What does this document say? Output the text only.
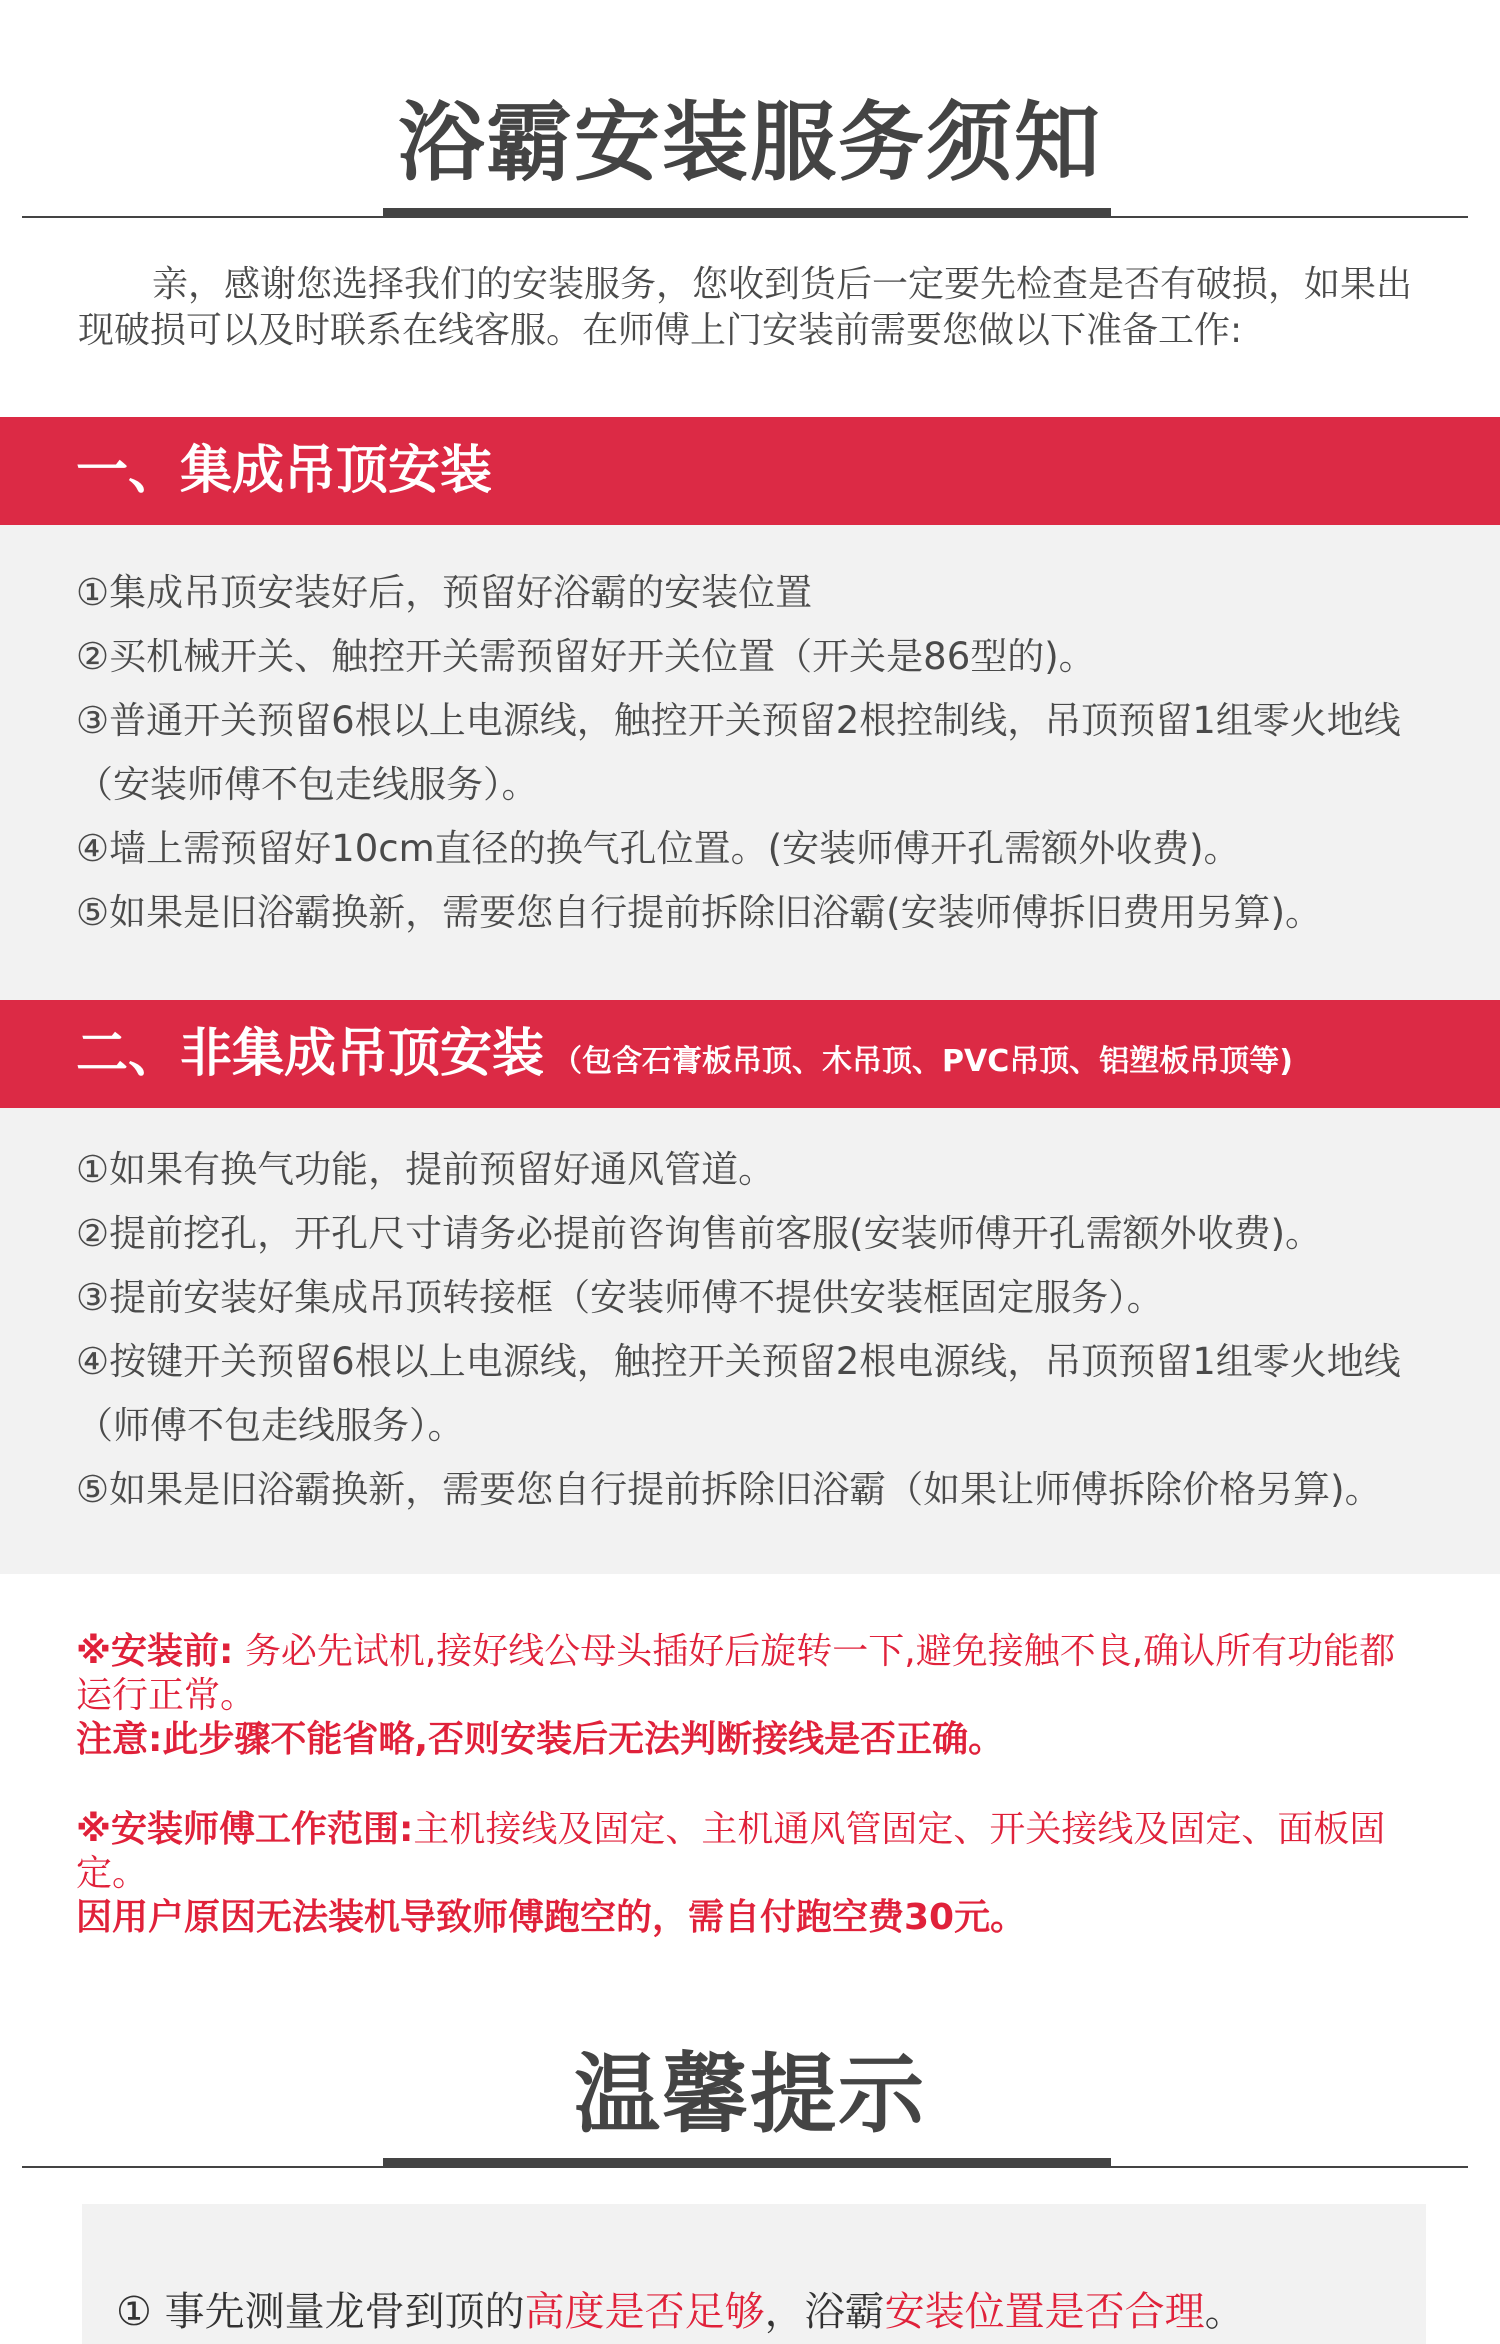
浴霸安装服务须知
亲，感谢您选择我们的安装服务，您收到货后一定要先检查是否有破损，如果出现破损可以及时联系在线客服。在师傅上门安装前需要您做以下准备工作:
一、集成吊顶安装
①集成吊顶安装好后，预留好浴霸的安装位置
②买机械开关、触控开关需预留好开关位置（开关是86型的)。
③普通开关预留6根以上电源线，触控开关预留2根控制线，吊顶预留1组零火地线（安装师傅不包走线服务）。
④墙上需预留好10cm直径的换气孔位置。(安装师傅开孔需额外收费)。
⑤如果是旧浴霸换新，需要您自行提前拆除旧浴霸(安装师傅拆旧费用另算)。
二、非集成吊顶安装 （包含石膏板吊顶、木吊顶、PVC吊顶、铝塑板吊顶等)
①如果有换气功能，提前预留好通风管道。
②提前挖孔，开孔尺寸请务必提前咨询售前客服(安装师傅开孔需额外收费)。
③提前安装好集成吊顶转接框（安装师傅不提供安装框固定服务）。
④按键开关预留6根以上电源线，触控开关预留2根电源线，吊顶预留1组零火地线（师傅不包走线服务）。
⑤如果是旧浴霸换新，需要您自行提前拆除旧浴霸（如果让师傅拆除价格另算)。
※安装前: 务必先试机,接好线公母头插好后旋转一下,避免接触不良,确认所有功能都运行正常。
注意:此步骤不能省略,否则安装后无法判断接线是否正确。
※安装师傅工作范围:主机接线及固定、主机通风管固定、开关接线及固定、面板固定。
因用户原因无法装机导致师傅跑空的，需自付跑空费30元。
温馨提示

① 事先测量龙骨到顶的高度是否足够，浴霸安装位置是否合理。
